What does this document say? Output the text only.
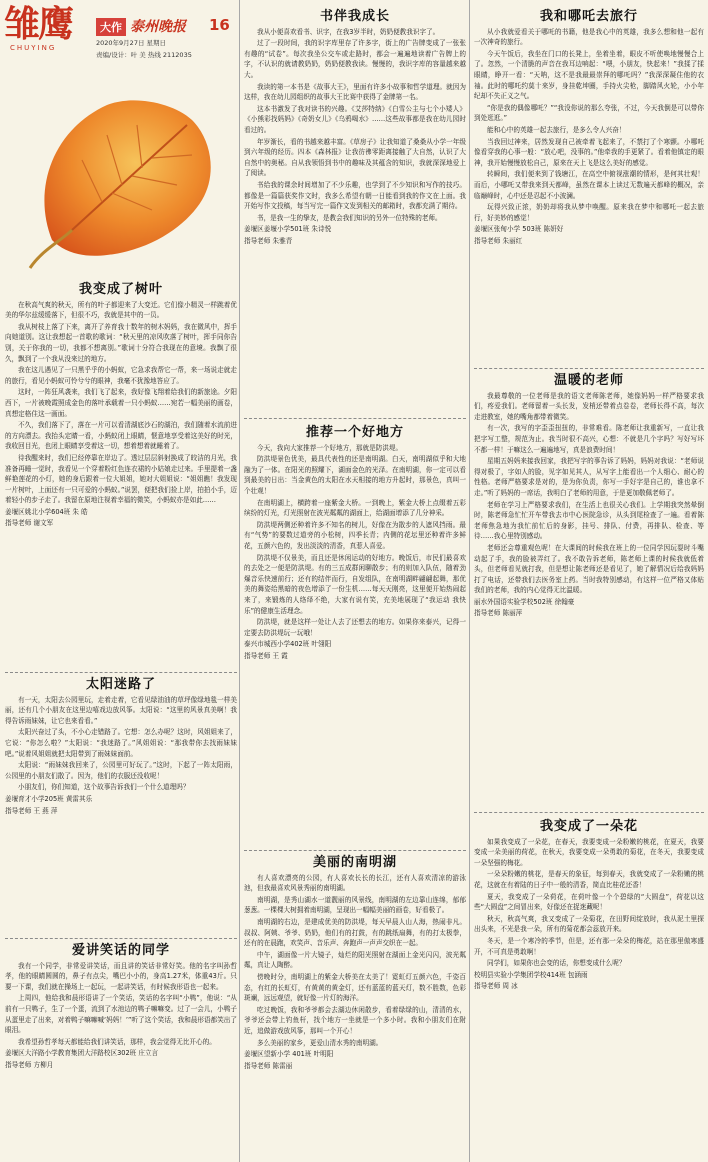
雏鹰
CHUYING
大作 泰州晚报 16
2020年9月27日 星期日
责编/设计：叶 美 热线 2112035
我变成了树叶

在秋高气爽的秋天，所有的叶子都迎来了大变迁。它们像小精灵一样跳着优美的华尔兹缓缓落下，但很不巧，我就是其中的一员。

我从树枝上落了下来，离开了养育我十数年的树木妈妈，我在微风中，挥手向她道别。这让我想起一首歌的歌词：“秋天里的凉风吹落了树叶，挥手同你告别，关于你我的一切，我都不想离别。”歌词十分符合我现在的意境。我飘了很久，飘到了一个我从没来过的地方。

我在这儿遇见了一只黑乎乎的小蚂蚁，它急求我帮它一帮，来一场说走就走的旅行，看见小蚂蚁可怜兮兮的眼神，我毫不犹豫地答应了。

这时，一阵狂风袭来，我们飞了起来，我好像飞翔着给我们的新旅途。夕阳西下，一片被晚霞照成金色的落叶承载着一只小蚂蚁……宛若一幅美丽的画卷，真想定格住这一画面。

不久，我们落下了，落在一片可以看清湖底沙石的湖泊，我们随着水流前进的方向漂去。我抬头定睛一看，小蚂蚁闭上眼睛，惬意地享受着这美好的时光，我收回目光，也闭上眼睛享受着这一切，想着想着就睡着了。

待我醒来时，我们已经停靠在岸边了。透过层层斜射换成了皎洁的月光，我准备再睡一觉时，我看见一个穿着粉红色连衣裙的小姑娘走过来。手里提着一盏鲜艳莲花的小灯，她的身后跟着一位大姐姐，她对大姐姐说：“姐姐瞧！我发现一片树叶，上面还有一只可爱的小蚂蚁。”说罢，便把我们捡上岸，拍拍小手，迈着轻小的步子走了。我留在原地注视着幸福的微笑，小蚂蚁亦是如此……

姜堰区姚北小学604班 朱 皓

指导老师 谢文军

太阳迷路了

有一天，太阳去公园里玩，走着走着，它看见绿油油的草坪像绿地毯一样美丽，还有几个小朋友在这里边嘻戏边放风筝。太阳说：“这里的风景真美啊！我得告诉雨妹妹，让它也来看看。”

太阳兴奋过了头，不小心走错路了。它想：怎么办呢？这时，风姐姐来了，它说：“你怎么啦？”太阳说：“我迷路了。”风姐姐说：“那我带你去找雨妹妹吧。”说着风姐姐就把太阳带到了雨妹妹面前。

太阳说：“雨妹妹我回来了，公园里可好玩了。”这时，下起了一阵太阳雨，公园里的小朋友们散了。因为，他们的衣服还没收呢！

小朋友们，你们知道，这个故事告诉我们一个什么道理吗？

姜堰育才小学205班 黄雷其乐

指导老师 王 燕 萍

爱讲笑话的同学

我有一个同学，非常爱讲笑话，而且讲的笑话非常好笑。他的名字叫孙哲孝，他的眼睛圆圆的，鼻子有点尖，嘴巴小小的，身高1.27米，体重43斤。只要一下课，我们就在操场上一起玩，一起讲笑话，有时候我形语也一起来。

上周四，他给我和晨形语讲了一个笑话，笑话的名字叫“小鸭”，他说：“从前有一只鸭子，生了一个蛋，流到了水池边的鸭子嘛嘛变。过了一会儿，小鸭子从蛋里走了出来，对着鸭子嘛嘛喊‘妈妈！’”听了这个笑话，我和晨形语都笑出了眼泪。

我希望孙哲孝每天都能给我们讲笑话，那样，我会觉得无比开心的。

姜堰区大洋路小学教育集团大洋路校区302班 庄立言

指导老师 方柳月

书伴我成长

我从小便喜欢看书、识字，在我3岁半时，奶奶便教我识字了。

过了一段时间，我的识字库里存了许多字，街上的广告牌变成了一张张有趣的“试卷”。每次我坐公交车或走路时，都会一遍遍地读着广告牌上的字，不认识的就请教奶奶，奶奶便教我读。慢慢的，我识字库的容量越来越大。

我读的第一本书是《故事大王》，里面有许多小故事和哲学道理。就因为这样，我在幼儿园组织的故事大王比赛中获得了金牌第一名。

这本书激发了我对读书的兴趣。《艾莎特纳》《白雪公主与七个小矮人》《小熊彩找妈妈》《奇奶女儿》《乌鸦喝水》……这些故事都是我在幼儿园时看过的。

年岁渐长，看的书越来越丰富。《草房子》让我知道了桑桑从小学一年级到六年级的经历。四本《森林报》让我彷彿零距离接触了大自然，认识了大自然中的奥秘。自从我领悟到书中的趣味及其蕴含的知识，我就深深地爱上了阅读。

书给我的课余时间增加了不少乐趣，也学到了不少知识和写作的技巧。都像是一篇篇获奖作文时，我多么希望有朝一日能看到我的作文在上面。我开始写作文投稿，每当写完一篇作文发到相关的邮箱时，我都充满了期待。

书，是我一生的挚友，是教会我们知识的另外一位特殊的老师。

姜堰区姜堰小学501班 朱诗悦

指导老师 朱雅青

推荐一个好地方

今天，我向大家推荐一个好地方，那就是防洪堤。

防洪堤景色优美，最具代表性的还是南明湖。白天，南明湖似乎和大地融为了一体。在阳光的照耀下，湖面金色的光泽。在南明湖，你一定可以看到最美的日出：当金黄色的太阳在水天相接的地方升起时，那景色，真叫一个壮观！

在南明湖上，横跨着一座紫金大桥。一到晚上，紫金大桥上点缀着五彩缤纷的灯光，灯光照射在波光粼粼的湖面上，给湖面增添了几分神采。

防洪堤两侧还种着许多不知名的树儿，好像在为散步的人遮风挡雨。最有“气势”的要数过道旁的小松树，四季长青；内侧的花坛里还种着许多鲜花，五颜六色的，发出淡淡的清香，真惹人喜爱。

防洪堤不仅景美，而且还是休闲运动的好地方。晚饭后，市民们最喜欢的去处之一便是防洪堤。有的三五成群闲聊散步；有的则加入队伍，随着劲爆音乐快速前行；还有的结伴而行，自发组队，在南明湖畔翩翩起舞，那优美的舞姿给黑暗的夜色增添了一份生机……每天天刚亮，这里便开始热闹起来了，来锻炼的人络绎不绝，大家有说有笑，充美地展现了“我运动 我快乐”的健康生活理念。

防洪堤，就是这样一处让人去了还想去的地方。如果你来泰兴，记得一定要去防洪堤玩一玩哦！

泰兴市城西小学402班 叶翎阳

指导老师 王 霞

美丽的南明湖

有人喜欢漂亮的公园，有人喜欢长长的长江，还有人喜欢清凉的游泳池，但我最喜欢风景秀丽的南明湖。

南明湖，是秀山湖水一道靓丽的风景线，南明湖的左边靠山连绵，郁郁葱葱。一棵棵大树拥着南明湖，呈现出一幅幅美丽的画卷，好看极了。

南明湖的右边，是建成优美的防洪堤，每天早晨人山人海，热闹非凡。叔叔、阿姨、爷爷、奶奶，他们有的打鼓，有的跳纸扇舞，有的打太极拳，还有的在晨跑，欢笑声、音乐声、奔跑声一声声交织在一起。

中午，湖面像一片大镜子，灿烂的阳光照射在湖面上金光闪闪，波光粼粼，真让人陶醉。

傍晚时分，南明湖上的紫金大桥美在太美了！霓虹灯五颜六色，千姿百态，有红的长虹灯，有黄黄的黄金灯，还有蓝蓝的蓝天灯，数不胜数，色彩斑斓，远远观望，就好像一片灯的海洋。

吃过晚饭，我和爷爷都会去湖边休闲散步，看着绿绿的山，清清的水，爷爷还会带上钓鱼杆，找个地方一坐就是一个多小时。我和小朋友们在附近，追做游戏放风筝，那叫一个开心！

多么美丽的家乡，更爱山清水秀的南明湖。

姜堰区望新小学 401班 叶明阳

指导老师 陈雷丽

我和哪吒去旅行

从小我就爱看关于哪吒的书籍，他是我心中的英雄，我多么想和他一起有一次神奇的旅行。

今天午饭后，我坐在门口的长凳上，坐着坐着，眼皮不听使唤地慢慢合上了。忽然，一个清脆的声音在我耳边响起：“喂，小朋友，快起来！”我揉了揉眼睛，睁开一看：“天呐，这不是我最最崇拜的哪吒吗？”我深深凝住他的衣袖。此时的哪吒约莫十来岁，身挂乾坤圈，手持火尖枪，脚踏风火轮，小小年纪却不失正义之气。

“你是我的偶像哪吒？”“我没你说的那么夸张，不过，今天我倒是可以带你到处逛逛。”

能和心中的英雄一起去旅行，是多么令人兴奋！

当我回过神来，居然发现自己被牵着飞起来了，不禁打了个寒颤。小哪吒像看穿我的心事一般：“放心吧，没事的。”他牵我的手更紧了。看着他镇定的眼神，我开始慢慢放松自己，原来在天上飞是这么美好的感觉。

转瞬间，我们便来到了钱塘江，在高空中俯视涨潮的情形，是何其壮观！而后，小哪吒又带我来到天都峰，虽然在课本上读过无数遍天都峰的概况，亲临巅峰时，心中还是忍起不小波澜。

玩得兴致正浓，奶奶却将我从梦中唤醒。原来我在梦中和哪吒一起去旅行，好美妙的感觉！

姜堰区张甸小学 503班 陈妍好

指导老师 朱丽红

温暖的老师

我最尊敬的一位老师是我的语文老师陈老师，她像妈妈一样严格要求我们，疼爱我们。老师留着一头长发，发梢还带着点卷卷，老师长得不高，每次走进教室，她的嘴角都带着微笑。

有一次，我写的字歪歪扭扭的，非常难看。陈老师让我重新写，一直让我把字写工整，规范为止。我当时很不高兴，心想：不就是几个字吗？写好写坏不都一样！于嘛这么一遍遍地写，真是浪费时间！

星期五妈妈来接我回家，我把写字的事告诉了妈妈，妈妈对我说：“老师说得对极了，字如人的脸，见字如见其人，从写字上能看出一个人细心、耐心的性格。老师严格要求是对的，是为你负责，你写一手好字是自己的，谁也拿不走。”听了妈妈的一席话，我明白了老师的用意，于是更加敬佩老师了。

老师在学习上严格要求我们，在生活上也很关心我们。上学期我突然晕倒时，陈老师急忙忙开车带我去市中心医院急诊，从头到尾检查了一遍。看着陈老师焦急地为我忙前忙后的身影，挂号、排队、付费，再排队、检查、等待……我心里特别感动。

老师还会尊重观色呢！在大课间的时候我在班上的一位同学因玩耍时斗嘴动起了手，我的脸被弄红了。我不敢告诉老师，陈老师上课的时候我就低着头，但老师看见就打我，但是想让陈老师还是看见了，她了解情况后给我妈妈打了电话，还带我们去医务室上药。当时我特别感动，有这样一位严格又体贴我们的老师，我的内心觉得无比温暖。

丽水外国语实验学校502班 徐翰豪

指导老师 陈丽萍

我变成了一朵花

如果我变成了一朵花，在春天，我要变成一朵粉嫩的桃花，在夏天，我要变成一朵美丽的荷花，在秋天，我要变成一朵勇敢的菊花，在冬天，我要变成一朵坚强的梅花。

一朵朵粉嫩的桃花，是春天的象征，每到春天，我就变成了一朵粉嫩的桃花，这就在有着陆的日子中一般的清香，简直比桂花还香！

夏天，我变成了一朵荷花，在荷叶像一个个碧绿的“大圆盘”，荷花以这些“大圆盘”之间冒出来，好像还在捉迷藏呢！

秋天，秋高气爽，我又变成了一朵菊花，在田野间绽放时，我从泥土里探出头来，不光是我一朵，所有的菊花都会蕊放开来。

冬天，是一个寒冷的季节，但是，还有那一朵朵的梅花，站在那里傲寒盛开，不可真是勇敢啊！

同学们，如果你也会变的话，你想变成什么呢？

校明县实验小学集团学校414班 包涵雨

指导老师 周 冰
